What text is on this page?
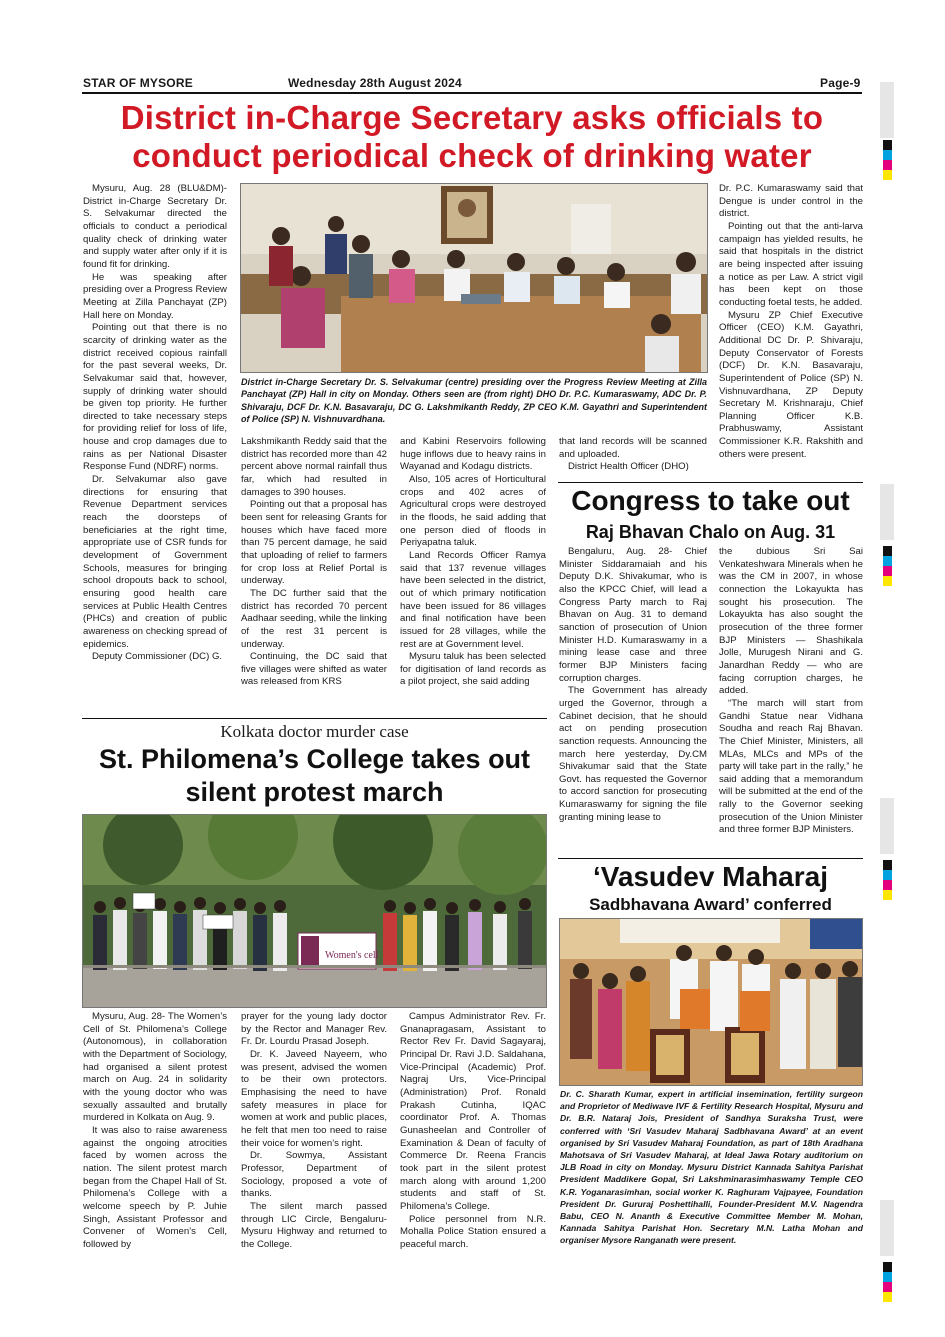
STAR OF MYSORE	Wednesday 28th August 2024	Page-9
District in-Charge Secretary asks officials to conduct periodical check of drinking water

Mysuru, Aug. 28 (BLU&DM)- District in-Charge Secretary Dr. S. Selvakumar directed the officials to conduct a periodical quality check of drinking water and supply water after only if it is found fit for drinking.

He was speaking after presiding over a Progress Review Meeting at Zilla Panchayat (ZP) Hall here on Monday.

Pointing out that there is no scarcity of drinking water as the district received copious rainfall for the past several weeks, Dr. Selvakumar said that, however, supply of drinking water should be given top priority. He further directed to take necessary steps for providing relief for loss of life, house and crop damages due to rains as per National Disaster Response Fund (NDRF) norms.

Dr. Selvakumar also gave directions for ensuring that Revenue Department services reach the doorsteps of beneficiaries at the right time, appropriate use of CSR funds for development of Government Schools, measures for bringing school dropouts back to school, ensuring good health care services at Public Health Centres (PHCs) and creation of public awareness on checking spread of epidemics.

Deputy Commissioner (DC) G.

District in-Charge Secretary Dr. S. Selvakumar (centre) presiding over the Progress Review Meeting at Zilla Panchayat (ZP) Hall in city on Monday. Others seen are (from right) DHO Dr. P.C. Kumaraswamy, ADC Dr. P. Shivaraju, DCF Dr. K.N. Basavaraju, DC G. Lakshmikanth Reddy, ZP CEO K.M. Gayathri and Superintendent of Police (SP) N. Vishnuvardhana.

Lakshmikanth Reddy said that the district has recorded more than 42 percent above normal rainfall thus far, which had resulted in damages to 390 houses.

Pointing out that a proposal has been sent for releasing Grants for houses which have faced more than 75 percent damage, he said that uploading of relief to farmers for crop loss at Relief Portal is underway.

The DC further said that the district has recorded 70 percent Aadhaar seeding, while the linking of the rest 31 percent is underway.

Continuing, the DC said that five villages were shifted as water was released from KRS

and Kabini Reservoirs following huge inflows due to heavy rains in Wayanad and Kodagu districts.

Also, 105 acres of Horticultural crops and 402 acres of Agricultural crops were destroyed in the floods, he said adding that one person died of floods in Periyapatna taluk.

Land Records Officer Ramya said that 137 revenue villages have been selected in the district, out of which primary notification have been issued for 86 villages and final notification have been issued for 28 villages, while the rest are at Government level.

Mysuru taluk has been selected for digitisation of land records as a pilot project, she said adding

that land records will be scanned and uploaded.

District Health Officer (DHO)

Dr. P.C. Kumaraswamy said that Dengue is under control in the district.

Pointing out that the anti-larva campaign has yielded results, he said that hospitals in the district are being inspected after issuing a notice as per Law. A strict vigil has been kept on those conducting foetal tests, he added.

Mysuru ZP Chief Executive Officer (CEO) K.M. Gayathri, Additional DC Dr. P. Shivaraju, Deputy Conservator of Forests (DCF) Dr. K.N. Basavaraju, Superintendent of Police (SP) N. Vishnuvardhana, ZP Deputy Secretary M. Krishnaraju, Chief Planning Officer K.B. Prabhuswamy, Assistant Commissioner K.R. Rakshith and others were present.

Congress to take out
Raj Bhavan Chalo on Aug. 31

Bengaluru, Aug. 28- Chief Minister Siddaramaiah and his Deputy D.K. Shivakumar, who is also the KPCC Chief, will lead a Congress Party march to Raj Bhavan on Aug. 31 to demand sanction of prosecution of Union Minister H.D. Kumaraswamy in a mining lease case and three former BJP Ministers facing corruption charges.

The Government has already urged the Governor, through a Cabinet decision, that he should act on pending prosecution sanction requests. Announcing the march here yesterday, Dy.CM Shivakumar said that the State Govt. has requested the Governor to accord sanction for prosecuting Kumaraswamy for signing the file granting mining lease to

the dubious Sri Sai Venkateshwara Minerals when he was the CM in 2007, in whose connection the Lokayukta has sought his prosecution. The Lokayukta has also sought the prosecution of the three former BJP Ministers — Shashikala Jolle, Murugesh Nirani and G. Janardhan Reddy — who are facing corruption charges, he added.

“The march will start from Gandhi Statue near Vidhana Soudha and reach Raj Bhavan. The Chief Minister, Ministers, all MLAs, MLCs and MPs of the party will take part in the rally,” he said adding that a memorandum will be submitted at the end of the rally to the Governor seeking prosecution of the Union Minister and three former BJP Ministers.

Kolkata doctor murder case
St. Philomena’s College takes out silent protest march
Women's cell

Mysuru, Aug. 28- The Women’s Cell of St. Philomena’s College (Autonomous), in collaboration with the Department of Sociology, had organised a silent protest march on Aug. 24 in solidarity with the young doctor who was sexually assaulted and brutally murdered in Kolkata on Aug. 9.

It was also to raise awareness against the ongoing atrocities faced by women across the nation. The silent protest march began from the Chapel Hall of St. Philomena’s College with a welcome speech by P. Juhie Singh, Assistant Professor and Convener of Women’s Cell, followed by

prayer for the young lady doctor by the Rector and Manager Rev. Fr. Dr. Lourdu Prasad Joseph.

Dr. K. Javeed Nayeem, who was present, advised the women to be their own protectors. Emphasising the need to have safety measures in place for women at work and public places, he felt that men too need to raise their voice for women’s right.

Dr. Sowmya, Assistant Professor, Department of Sociology, proposed a vote of thanks.

The silent march passed through LIC Circle, Bengaluru-Mysuru Highway and returned to the College.

Campus Administrator Rev. Fr. Gnanapragasam, Assistant to Rector Rev Fr. David Sagayaraj, Principal Dr. Ravi J.D. Saldahana, Vice-Principal (Academic) Prof. Nagraj Urs, Vice-Principal (Administration) Prof. Ronald Prakash Cutinha, IQAC coordinator Prof. A. Thomas Gunasheelan and Controller of Examination & Dean of faculty of Commerce Dr. Reena Francis took part in the silent protest march along with around 1,200 students and staff of St. Philomena’s College.

Police personnel from N.R. Mohalla Police Station ensured a peaceful march.

‘Vasudev Maharaj
Sadbhavana Award’ conferred
Dr. C. Sharath Kumar, expert in artificial insemination, fertility surgeon and Proprietor of Mediwave IVF & Fertility Research Hospital, Mysuru and Dr. B.R. Nataraj Jois, President of Sandhya Suraksha Trust, were conferred with ‘Sri Vasudev Maharaj Sadbhavana Award’ at an event organised by Sri Vasudev Maharaj Foundation, as part of 18th Aradhana Mahotsava of Sri Vasudev Maharaj, at Ideal Jawa Rotary auditorium on JLB Road in city on Monday. Mysuru District Kannada Sahitya Parishat President Maddikere Gopal, Sri Lakshminarasimhaswamy Temple CEO K.R. Yoganarasimhan, social worker K. Raghuram Vajpayee, Foundation President Dr. Gururaj Poshettihalli, Founder-President M.V. Nagendra Babu, CEO N. Ananth & Executive Committee Member M. Mohan, Kannada Sahitya Parishat Hon. Secretary M.N. Latha Mohan and organiser Mysore Ranganath were present.
